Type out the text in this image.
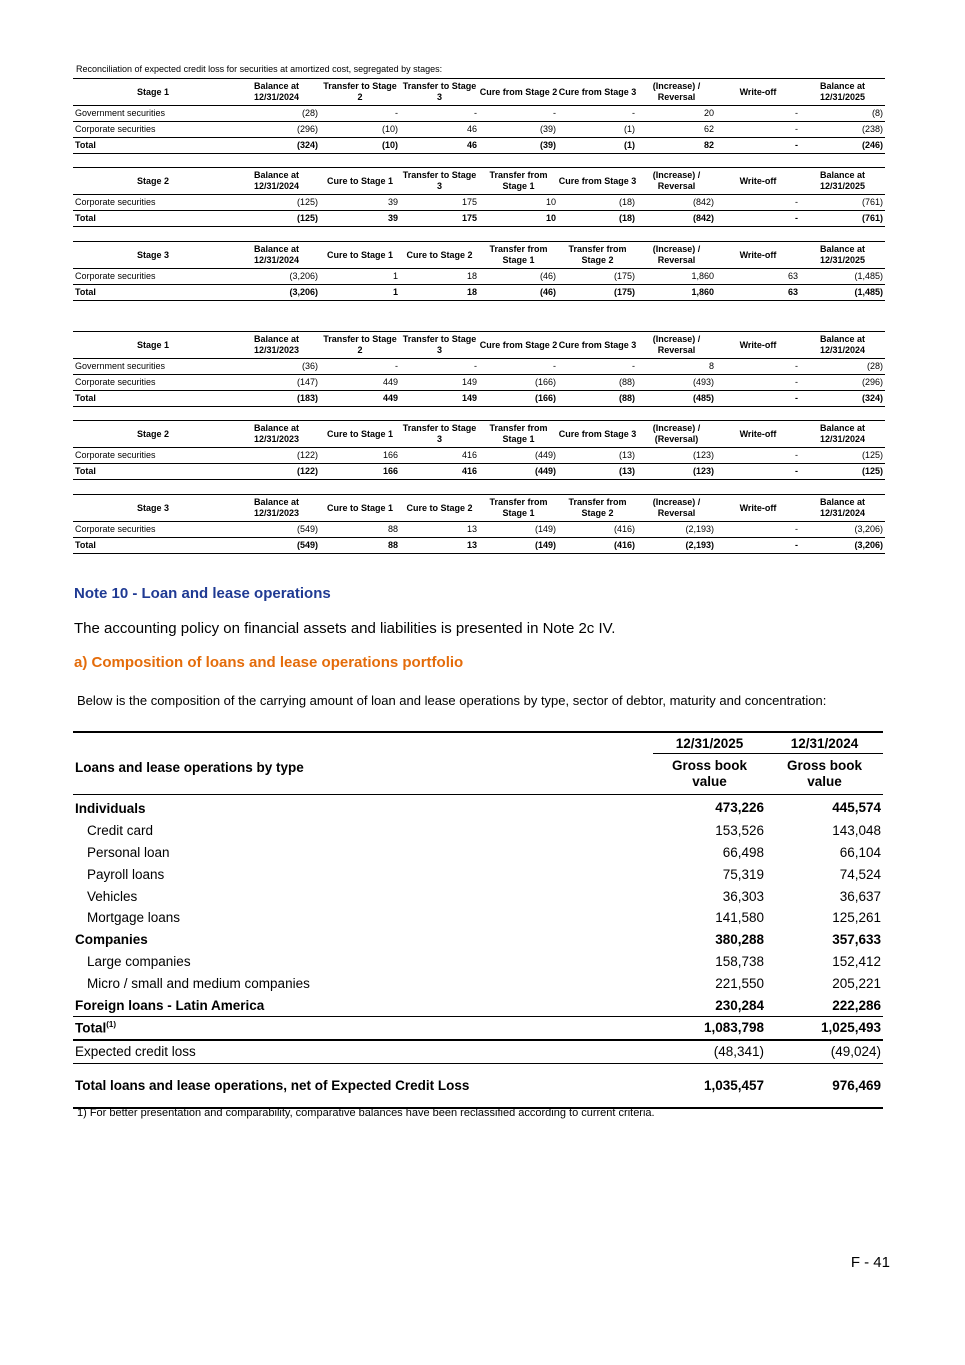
Reconciliation of expected credit loss for securities at amortized cost, segregated by stages:
Stage 1	Balance at 12/31/2024	Transfer to Stage 2	Transfer to Stage 3	Cure from Stage 2	Cure from Stage 3	(Increase) / Reversal	Write-off	Balance at 12/31/2025
Government securities	(28)	-	-	-	-	20	-	(8)
Corporate securities	(296)	(10)	46	(39)	(1)	62	-	(238)
Total	(324)	(10)	46	(39)	(1)	82	-	(246)
Stage 2	Balance at 12/31/2024	Cure to Stage 1	Transfer to Stage 3	Transfer from Stage 1	Cure from Stage 3	(Increase) / Reversal	Write-off	Balance at 12/31/2025
Corporate securities	(125)	39	175	10	(18)	(842)	-	(761)
Total	(125)	39	175	10	(18)	(842)	-	(761)
Stage 3	Balance at 12/31/2024	Cure to Stage 1	Cure to Stage 2	Transfer from Stage 1	Transfer from Stage 2	(Increase) / Reversal	Write-off	Balance at 12/31/2025
Corporate securities	(3,206)	1	18	(46)	(175)	1,860	63	(1,485)
Total	(3,206)	1	18	(46)	(175)	1,860	63	(1,485)
Stage 1	Balance at 12/31/2023	Transfer to Stage 2	Transfer to Stage 3	Cure from Stage 2	Cure from Stage 3	(Increase) / Reversal	Write-off	Balance at 12/31/2024
Government securities	(36)	-	-	-	-	8	-	(28)
Corporate securities	(147)	449	149	(166)	(88)	(493)	-	(296)
Total	(183)	449	149	(166)	(88)	(485)	-	(324)
Stage 2	Balance at 12/31/2023	Cure to Stage 1	Transfer to Stage 3	Transfer from Stage 1	Cure from Stage 3	(Increase) / (Reversal)	Write-off	Balance at 12/31/2024
Corporate securities	(122)	166	416	(449)	(13)	(123)	-	(125)
Total	(122)	166	416	(449)	(13)	(123)	-	(125)
Stage 3	Balance at 12/31/2023	Cure to Stage 1	Cure to Stage 2	Transfer from Stage 1	Transfer from Stage 2	(Increase) / Reversal	Write-off	Balance at 12/31/2024
Corporate securities	(549)	88	13	(149)	(416)	(2,193)	-	(3,206)
Total	(549)	88	13	(149)	(416)	(2,193)	-	(3,206)
Note 10 - Loan and lease operations
The accounting policy on financial assets and liabilities is presented in Note 2c IV.
a) Composition of loans and lease operations portfolio
Below is the composition of the carrying amount of loan and lease operations by type, sector of debtor, maturity and concentration:
Loans and lease operations by type	12/31/2025	12/31/2024
	Gross book value	Gross book value
Individuals	473,226	445,574
Credit card	153,526	143,048
Personal loan	66,498	66,104
Payroll loans	75,319	74,524
Vehicles	36,303	36,637
Mortgage loans	141,580	125,261
Companies	380,288	357,633
Large companies	158,738	152,412
Micro / small and medium companies	221,550	205,221
Foreign loans - Latin America	230,284	222,286
Total$^{(1)}$	1,083,798	1,025,493
Expected credit loss	(48,341)	(49,024)
Total loans and lease operations, net of Expected Credit Loss	1,035,457	976,469
1) For better presentation and comparability, comparative balances have been reclassified according to current criteria.
F - 41
